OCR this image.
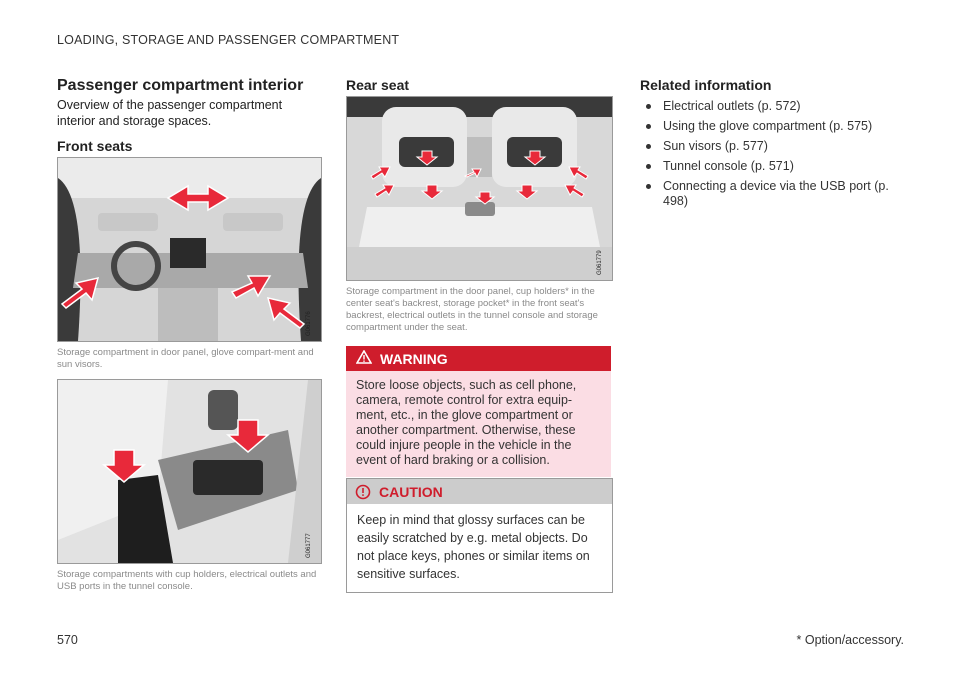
LOADING, STORAGE AND PASSENGER COMPARTMENT
Passenger compartment interior
Overview of the passenger compartment interior and storage spaces.
Front seats
G061776
Storage compartment in door panel, glove compart-ment and sun visors.
G061777
Storage compartments with cup holders, electrical outlets and USB ports in the tunnel console.
Rear seat
G061779
Storage compartment in the door panel, cup holders* in the center seat's backrest, storage pocket* in the front seat's backrest, electrical outlets in the tunnel console and storage compartment under the seat.
WARNING
Store loose objects, such as cell phone, camera, remote control for extra equip-ment, etc., in the glove compartment or another compartment. Otherwise, these could injure people in the vehicle in the event of hard braking or a collision.
CAUTION
Keep in mind that glossy surfaces can be easily scratched by e.g. metal objects. Do not place keys, phones or similar items on sensitive surfaces.
Related information
Electrical outlets (p. 572)
Using the glove compartment (p. 575)
Sun visors (p. 577)
Tunnel console (p. 571)
Connecting a device via the USB port (p. 498)
570	* Option/accessory.
